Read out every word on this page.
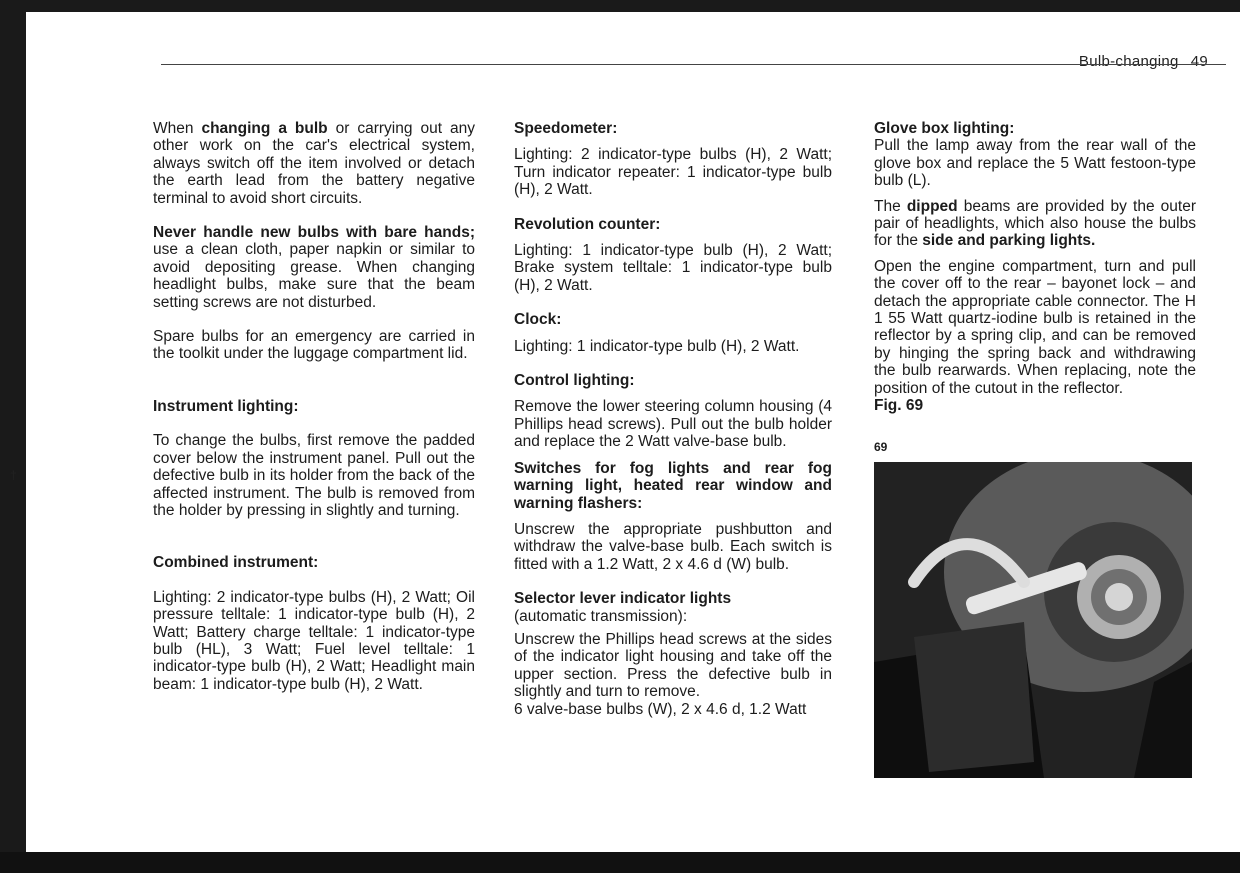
Bulb-changing 49

When changing a bulb or carrying out any other work on the car's electrical system, always switch off the item involved or detach the earth lead from the battery negative terminal to avoid short circuits.

Never handle new bulbs with bare hands; use a clean cloth, paper napkin or similar to avoid depositing grease. When changing headlight bulbs, make sure that the beam setting screws are not disturbed.

Spare bulbs for an emergency are carried in the toolkit under the luggage compartment lid.

Instrument lighting:

To change the bulbs, first remove the padded cover below the instrument panel. Pull out the defective bulb in its holder from the back of the affected instrument. The bulb is removed from the holder by pressing in slightly and turning.

Combined instrument:

Lighting: 2 indicator-type bulbs (H), 2 Watt; Oil pressure telltale: 1 indicator-type bulb (H), 2 Watt; Battery charge telltale: 1 indicator-type bulb (HL), 3 Watt; Fuel level telltale: 1 indicator-type bulb (H), 2 Watt; Headlight main beam: 1 indicator-type bulb (H), 2 Watt.

Speedometer:

Lighting: 2 indicator-type bulbs (H), 2 Watt; Turn indicator repeater: 1 indicator-type bulb (H), 2 Watt.

Revolution counter:

Lighting: 1 indicator-type bulb (H), 2 Watt; Brake system telltale: 1 indicator-type bulb (H), 2 Watt.

Clock:

Lighting: 1 indicator-type bulb (H), 2 Watt.

Control lighting:

Remove the lower steering column housing (4 Phillips head screws). Pull out the bulb holder and replace the 2 Watt valve-base bulb.

Switches for fog lights and rear fog warning light, heated rear window and warning flashers:

Unscrew the appropriate pushbutton and withdraw the valve-base bulb. Each switch is fitted with a 1.2 Watt, 2 x 4.6 d (W) bulb.

Selector lever indicator lights

(automatic transmission):

Unscrew the Phillips head screws at the sides of the indicator light housing and take off the upper section. Press the defective bulb in slightly and turn to remove.

6 valve-base bulbs (W), 2 x 4.6 d, 1.2 Watt

Glove box lighting:

Pull the lamp away from the rear wall of the glove box and replace the 5 Watt festoon-type bulb (L).

The dipped beams are provided by the outer pair of headlights, which also house the bulbs for the side and parking lights.

Open the engine compartment, turn and pull the cover off to the rear – bayonet lock – and detach the appropriate cable connector. The H 1 55 Watt quartz-iodine bulb is retained in the reflector by a spring clip, and can be removed by hinging the spring back and withdrawing the bulb rearwards. When replacing, note the position of the cutout in the reflector.

Fig. 69

69
†
